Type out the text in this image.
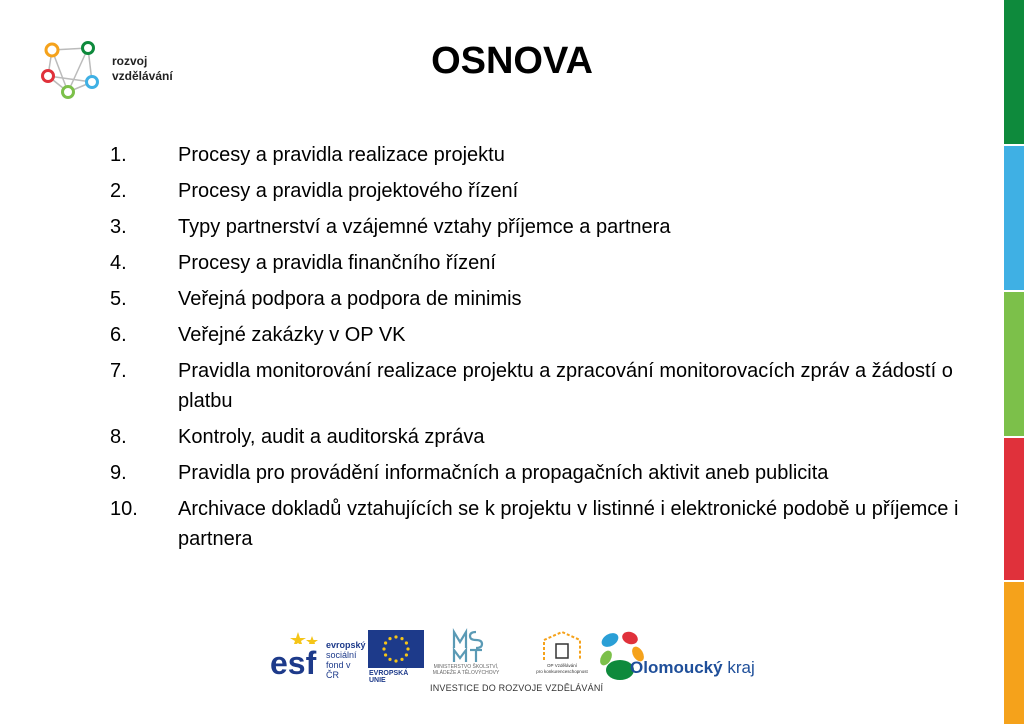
rozvoj
vzdělávání	OSNOVA
1.	Procesy a pravidla realizace projektu
2.	Procesy a pravidla projektového řízení
3.	Typy partnerství a vzájemné vztahy příjemce a partnera
4.	Procesy a pravidla finančního řízení
5.	Veřejná podpora a podpora de minimis
6.	Veřejné zakázky v OP VK
7.	Pravidla monitorování realizace projektu a zpracování monitorovacích zpráv a žádostí o platbu
8.	Kontroly, audit a auditorská zpráva
9.	Pravidla pro provádění informačních a propagačních aktivit aneb publicita
10. Archivace dokladů vztahujících se k projektu v listinné i elektronické podobě u příjemce i partnera
esf evropský
sociální
fond v ČR	EVROPSKÁ UNIE
MINISTERSTVO ŠKOLSTVÍ,
MLÁDEŽE A TĚLOVÝCHOVY
OP Vzdělávání
pro konkurenceschopnost Olomoucký kraj
INVESTICE DO ROZVOJE VZDĚLÁVÁNÍ
